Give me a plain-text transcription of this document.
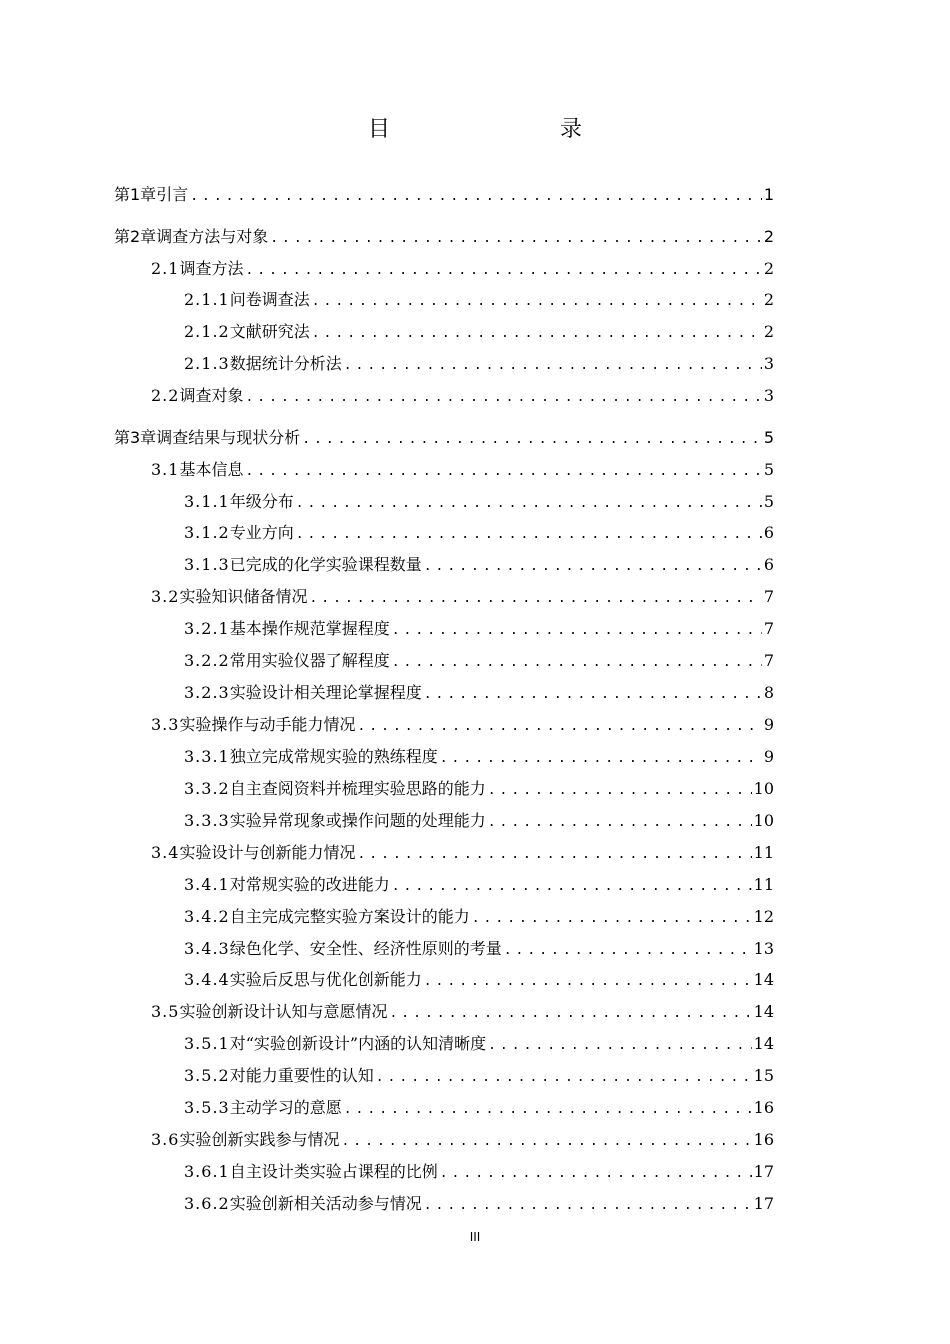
目　　录
第1章 引言 .....	1
第2章 调查方法与对象 .....	2
2.1 调查方法 .....	2
2.1.1 问卷调查法 .....	2
2.1.2 文献研究法 .....	2
2.1.3 数据统计分析法 .....	3
2.2 调查对象 .....	3
第3章 调查结果与现状分析 .....	5
3.1 基本信息 .....	5
3.1.1 年级分布 .....	5
3.1.2 专业方向 .....	6
3.1.3 已完成的化学实验课程数量 .....	6
3.2 实验知识储备情况 .....	7
3.2.1 基本操作规范掌握程度 .....	7
3.2.2 常用实验仪器了解程度 .....	7
3.2.3 实验设计相关理论掌握程度 .....	8
3.3 实验操作与动手能力情况 .....	9
3.3.1 独立完成常规实验的熟练程度 .....	9
3.3.2 自主查阅资料并梳理实验思路的能力 .....	10
3.3.3 实验异常现象或操作问题的处理能力 .....	10
3.4 实验设计与创新能力情况 .....	11
3.4.1 对常规实验的改进能力 .....	11
3.4.2 自主完成完整实验方案设计的能力 .....	12
3.4.3 绿色化学、安全性、经济性原则的考量 .....	13
3.4.4 实验后反思与优化创新能力 .....	14
3.5 实验创新设计认知与意愿情况 .....	14
3.5.1 对“实验创新设计”内涵的认知清晰度 .....	14
3.5.2 对能力重要性的认知 .....	15
3.5.3 主动学习的意愿 .....	16
3.6 实验创新实践参与情况 .....	16
3.6.1 自主设计类实验占课程的比例 .....	17
3.6.2 实验创新相关活动参与情况 .....	17
III
